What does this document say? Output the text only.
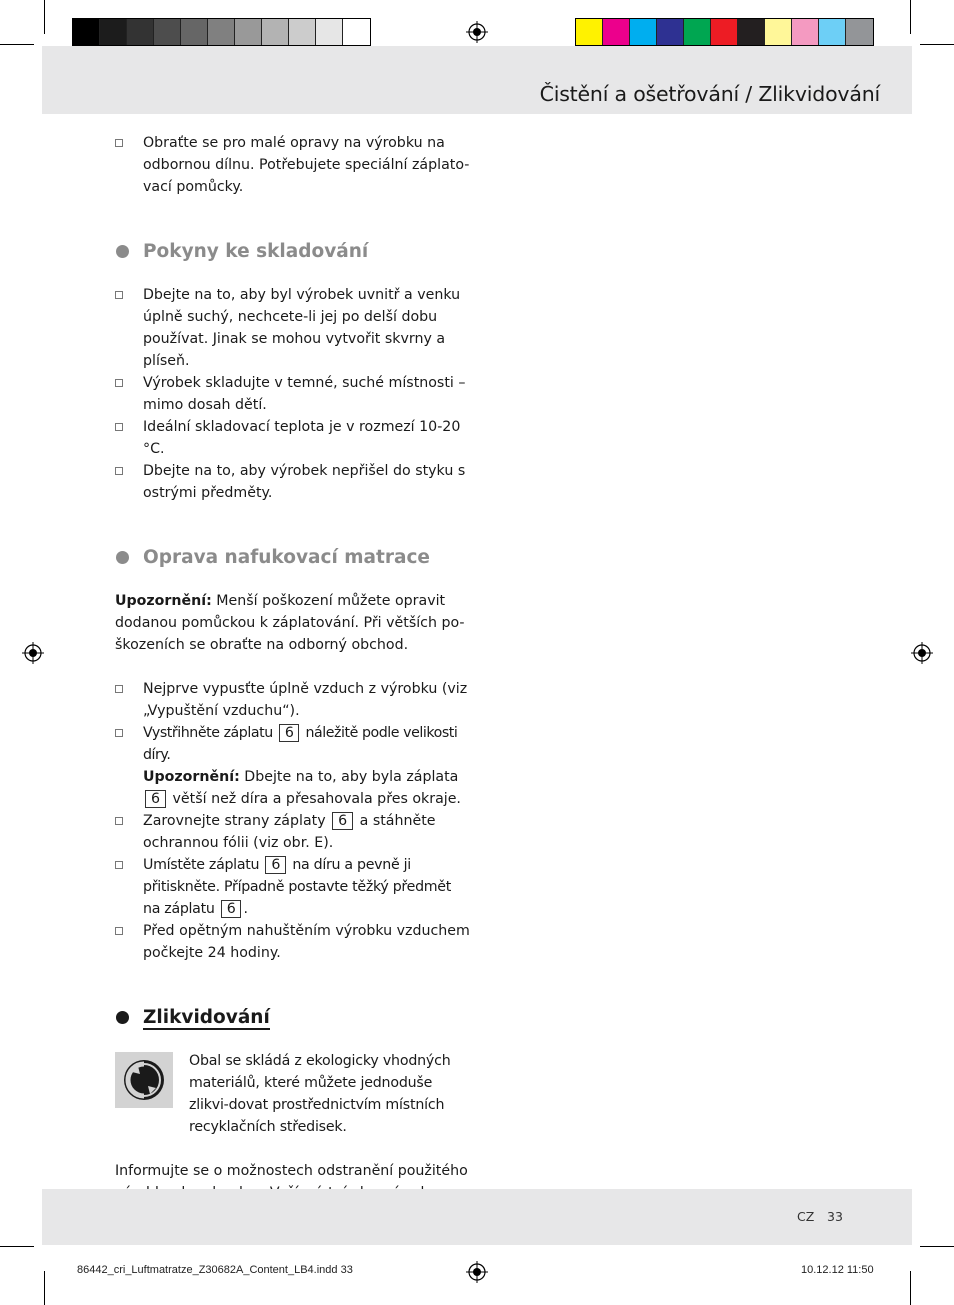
Čistění a ošetřování / Zlikvidování
Obraťte se pro malé opravy na výrobku na odbornou dílnu. Potřebujete speciální záplato-vací pomůcky.
Pokyny ke skladování
Dbejte na to, aby byl výrobek uvnitř a venku úplně suchý, nechcete-li jej po delší dobu používat. Jinak se mohou vytvořit skvrny a plíseň.
Výrobek skladujte v temné, suché místnosti – mimo dosah dětí.
Ideální skladovací teplota je v rozmezí 10-20 °C.
Dbejte na to, aby výrobek nepřišel do styku s ostrými předměty.
Oprava nafukovací matrace

Upozornění: Menší poškození můžete opravit dodanou pomůckou k záplatování. Při větších po-škozeních se obraťte na odborný obchod.

Nejprve vypusťte úplně vzduch z výrobku (viz „Vypuštění vzduchu“).
Vystřihněte záplatu 6 náležitě podle velikosti díry.
Upozornění: Dbejte na to, aby byla záplata 6 větší než díra a přesahovala přes okraje.
Zarovnejte strany záplaty 6 a stáhněte ochrannou fólii (viz obr. E).
Umístěte záplatu 6 na díru a pevně ji přitiskněte. Případně postavte těžký předmět na záplatu 6 .
Před opětným nahuštěním výrobku vzduchem počkejte 24 hodiny.
Zlikvidování

Obal se skládá z ekologicky vhodných materiálů, které můžete jednoduše zlikvi-dovat prostřednictvím místních recyklačních středisek.

Informujte se o možnostech odstranění použitého

CZ 33
86442_cri_Luftmatratze_Z30682A_Content_LB4.indd 33	10.12.12 11:50
